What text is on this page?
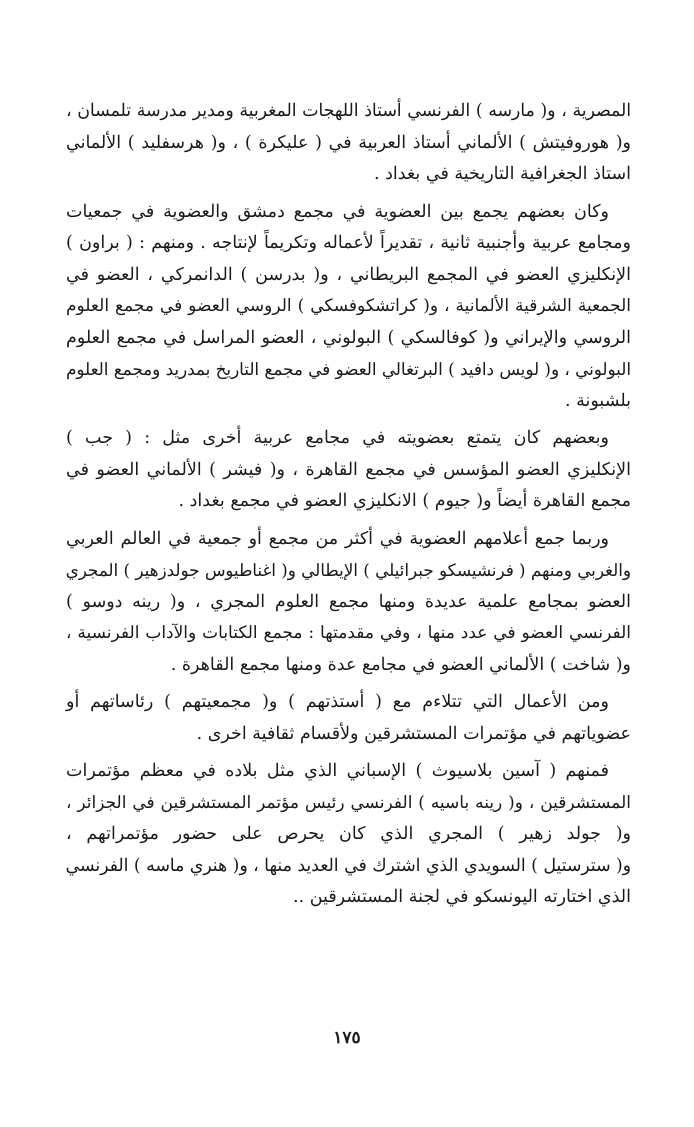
المصرية ، و( مارسه ) الفرنسي أستاذ اللهجات المغربية ومدير مدرسة تلمسان ،
و( هوروفيتش ) الألماني أستاذ العربية في ( عليكرة ) ، و( هرسفليد ) الألماني
استاذ الجغرافية التاريخية في بغداد .
وكان بعضهم يجمع بين العضوية في مجمع دمشق والعضوية في جمعيات
ومجامع عربية وأجنبية ثانية ، تقديراً لأعماله وتكريماً لإنتاجه . ومنهم : ( براون )
الإنكليزي العضو في المجمع البريطاني ، و( بدرسن ) الدانمركي ، العضو في
الجمعية الشرقية الألمانية ، و( كراتشكوفسكي ) الروسي العضو في مجمع العلوم
الروسي والإيراني و( كوفالسكي ) البولوني ، العضو المراسل في مجمع العلوم
البولوني ، و( لويس دافيد ) البرتغالي العضو في مجمع التاريخ بمدريد ومجمع العلوم
بلشبونة .
وبعضهم كان يتمتع بعضويته في مجامع عربية أخرى مثل : ( جب )
الإنكليزي العضو المؤسس في مجمع القاهرة ، و( فيشر ) الألماني العضو في
مجمع القاهرة أيضاً و( جيوم ) الانكليزي العضو في مجمع بغداد .
وربما جمع أعلامهم العضوية في أكثر من مجمع أو جمعية في العالم العربي
والغربي ومنهم ( فرنشيسكو جبرائيلي ) الإيطالي و( اغناطيوس جولدزهير ) المجري
العضو بمجامع علمية عديدة ومنها مجمع العلوم المجري ، و( رينه دوسو )
الفرنسي العضو في عدد منها ، وفي مقدمتها : مجمع الكتابات والآداب الفرنسية ،
و( شاخت ) الألماني العضو في مجامع عدة ومنها مجمع القاهرة .
ومن الأعمال التي تتلاءم مع ( أستذتهم ) و( مجمعيتهم ) رئاساتهم أو
عضوياتهم في مؤتمرات المستشرقين ولأقسام ثقافية اخرى .
فمنهم ( آسين بلاسيوث ) الإسباني الذي مثل بلاده في معظم مؤتمرات
المستشرقين ، و( رينه باسيه ) الفرنسي رئيس مؤتمر المستشرقين في الجزائر ،
و( جولد زهير ) المجري الذي كان يحرص على حضور مؤتمراتهم ،
و( سترستيل ) السويدي الذي اشترك في العديد منها ، و( هنري ماسه ) الفرنسي
الذي اختارته اليونسكو في لجنة المستشرقين ..
١٧٥
